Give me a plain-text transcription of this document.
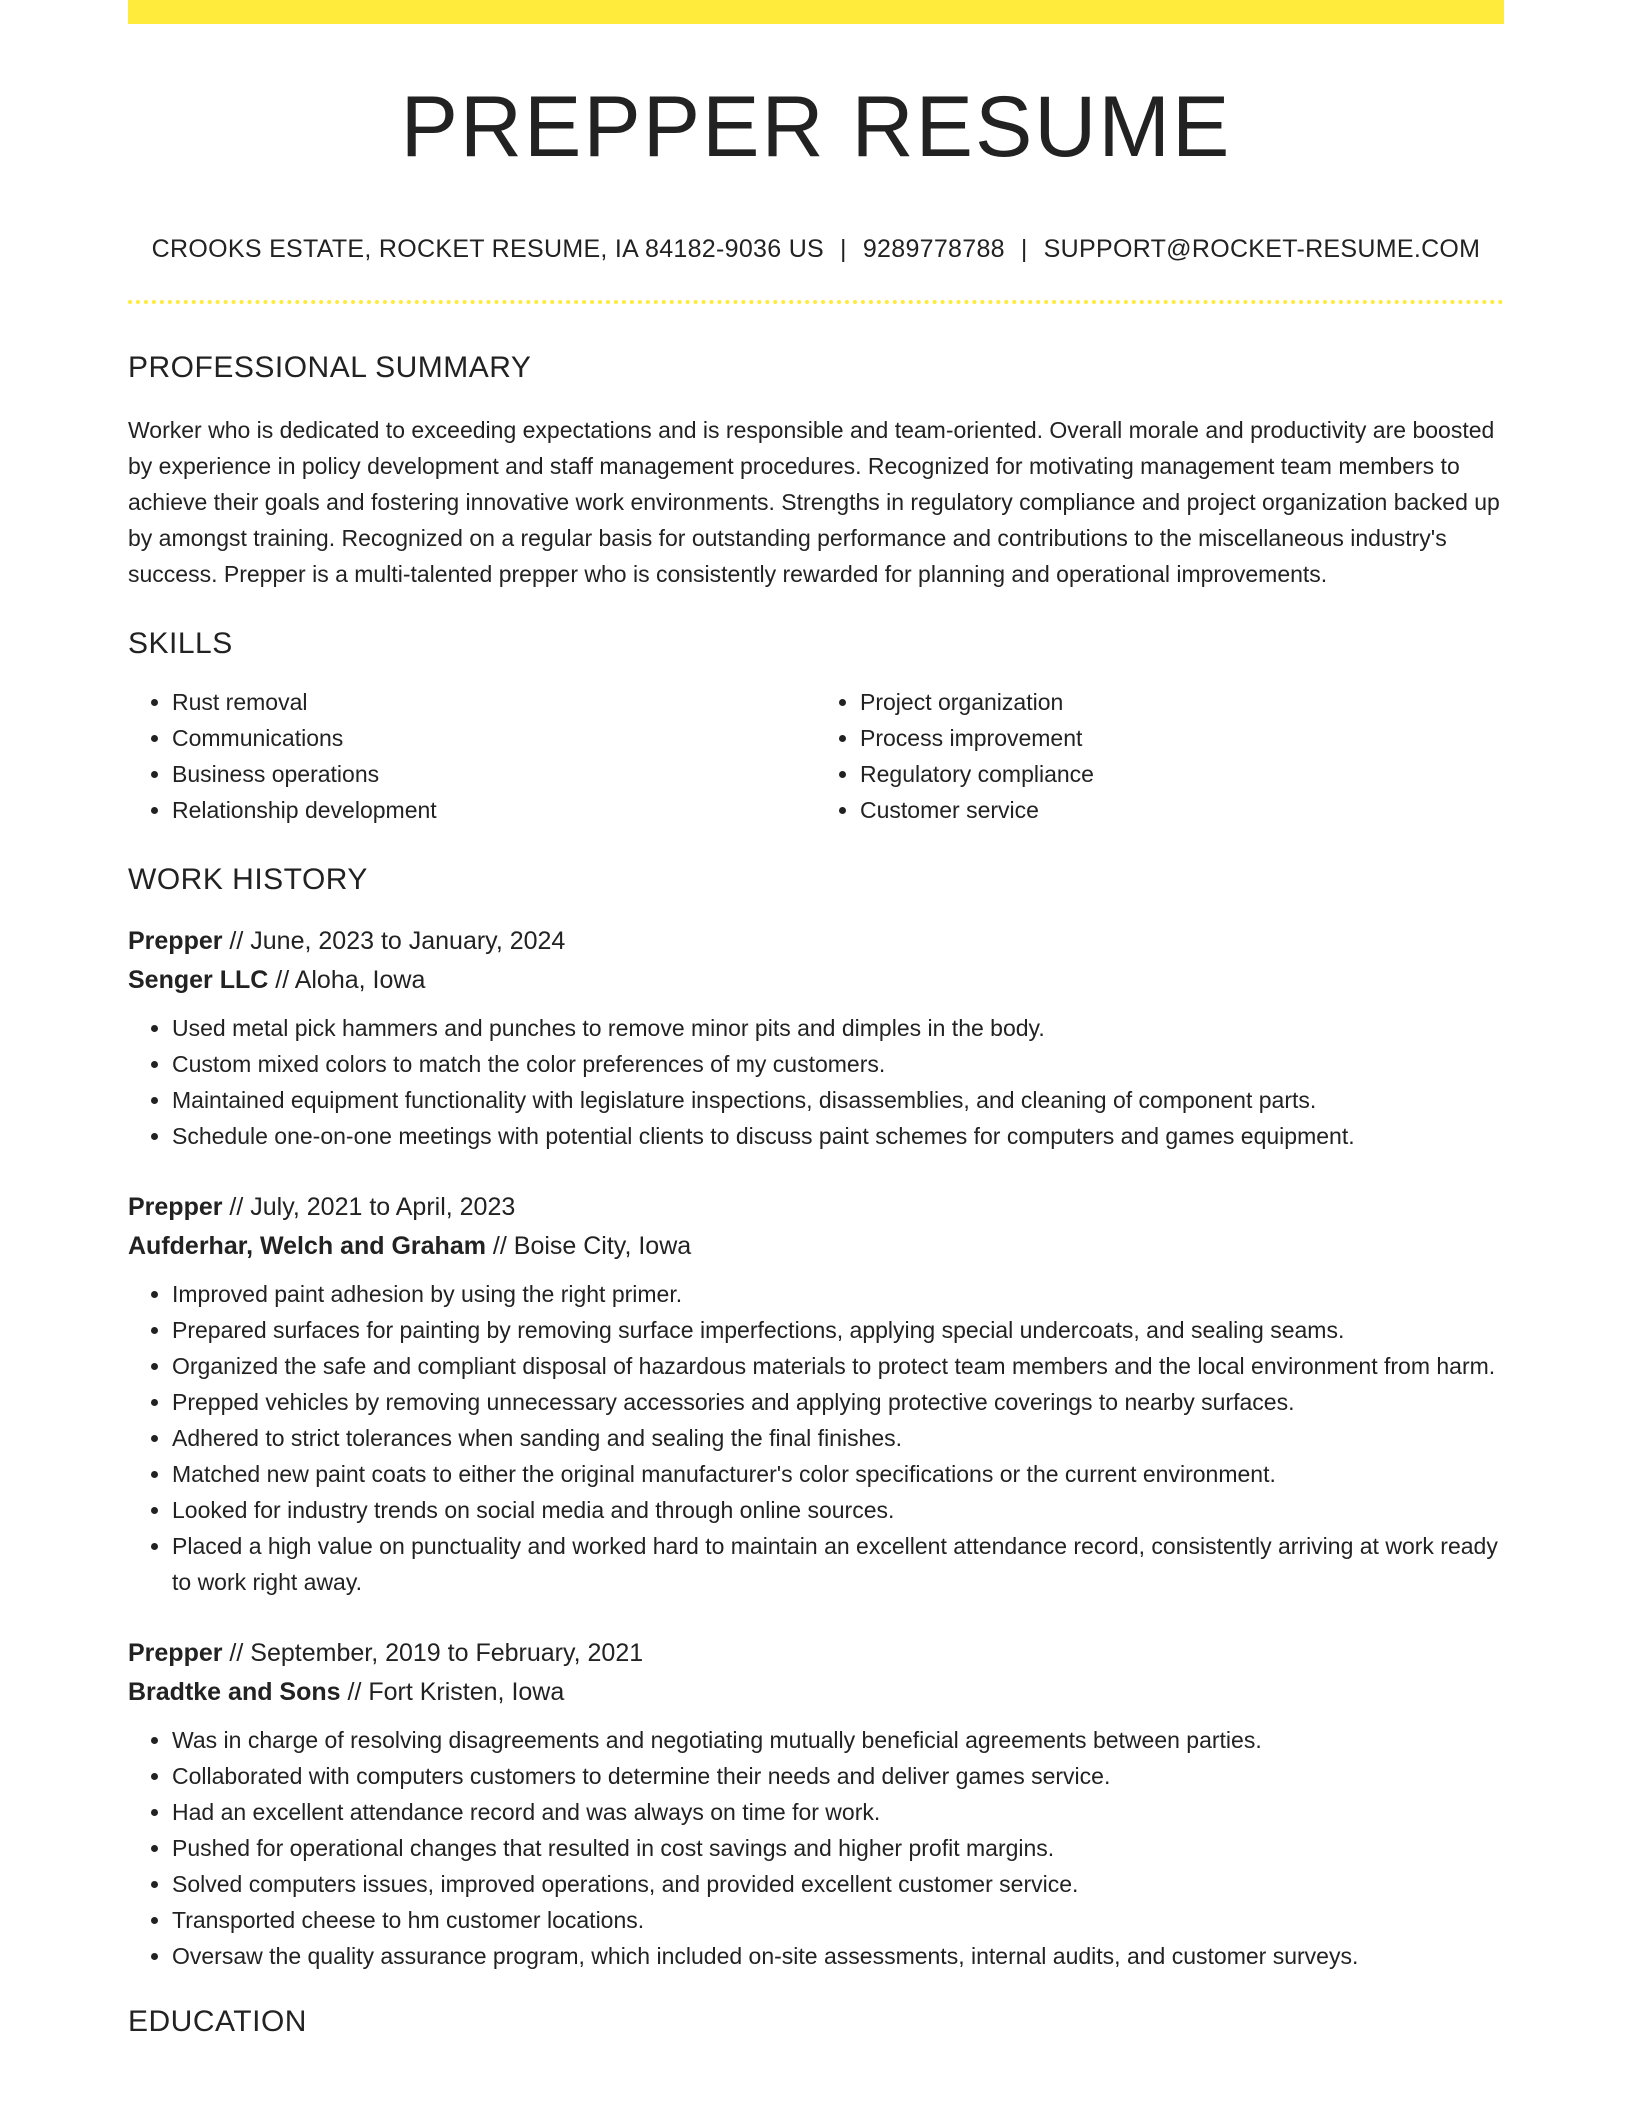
PREPPER RESUME
CROOKS ESTATE, ROCKET RESUME, IA 84182-9036 US | 9289778788 | SUPPORT@ROCKET-RESUME.COM
PROFESSIONAL SUMMARY

Worker who is dedicated to exceeding expectations and is responsible and team-oriented. Overall morale and productivity are boosted by experience in policy development and staff management procedures. Recognized for motivating management team members to achieve their goals and fostering innovative work environments. Strengths in regulatory compliance and project organization backed up by amongst training. Recognized on a regular basis for outstanding performance and contributions to the miscellaneous industry's success. Prepper is a multi-talented prepper who is consistently rewarded for planning and operational improvements.

SKILLS
• Rust removal
• Communications
• Business operations
• Relationship development
• Project organization
• Process improvement
• Regulatory compliance
• Customer service
WORK HISTORY
Prepper // June, 2023 to January, 2024
Senger LLC // Aloha, Iowa
• Used metal pick hammers and punches to remove minor pits and dimples in the body.
• Custom mixed colors to match the color preferences of my customers.
• Maintained equipment functionality with legislature inspections, disassemblies, and cleaning of component parts.
• Schedule one-on-one meetings with potential clients to discuss paint schemes for computers and games equipment.
Prepper // July, 2021 to April, 2023
Aufderhar, Welch and Graham // Boise City, Iowa
• Improved paint adhesion by using the right primer.
• Prepared surfaces for painting by removing surface imperfections, applying special undercoats, and sealing seams.
• Organized the safe and compliant disposal of hazardous materials to protect team members and the local environment from harm.
• Prepped vehicles by removing unnecessary accessories and applying protective coverings to nearby surfaces.
• Adhered to strict tolerances when sanding and sealing the final finishes.
• Matched new paint coats to either the original manufacturer's color specifications or the current environment.
• Looked for industry trends on social media and through online sources.
• Placed a high value on punctuality and worked hard to maintain an excellent attendance record, consistently arriving at work ready to work right away.
Prepper // September, 2019 to February, 2021
Bradtke and Sons // Fort Kristen, Iowa
• Was in charge of resolving disagreements and negotiating mutually beneficial agreements between parties.
• Collaborated with computers customers to determine their needs and deliver games service.
• Had an excellent attendance record and was always on time for work.
• Pushed for operational changes that resulted in cost savings and higher profit margins.
• Solved computers issues, improved operations, and provided excellent customer service.
• Transported cheese to hm customer locations.
• Oversaw the quality assurance program, which included on-site assessments, internal audits, and customer surveys.
EDUCATION
